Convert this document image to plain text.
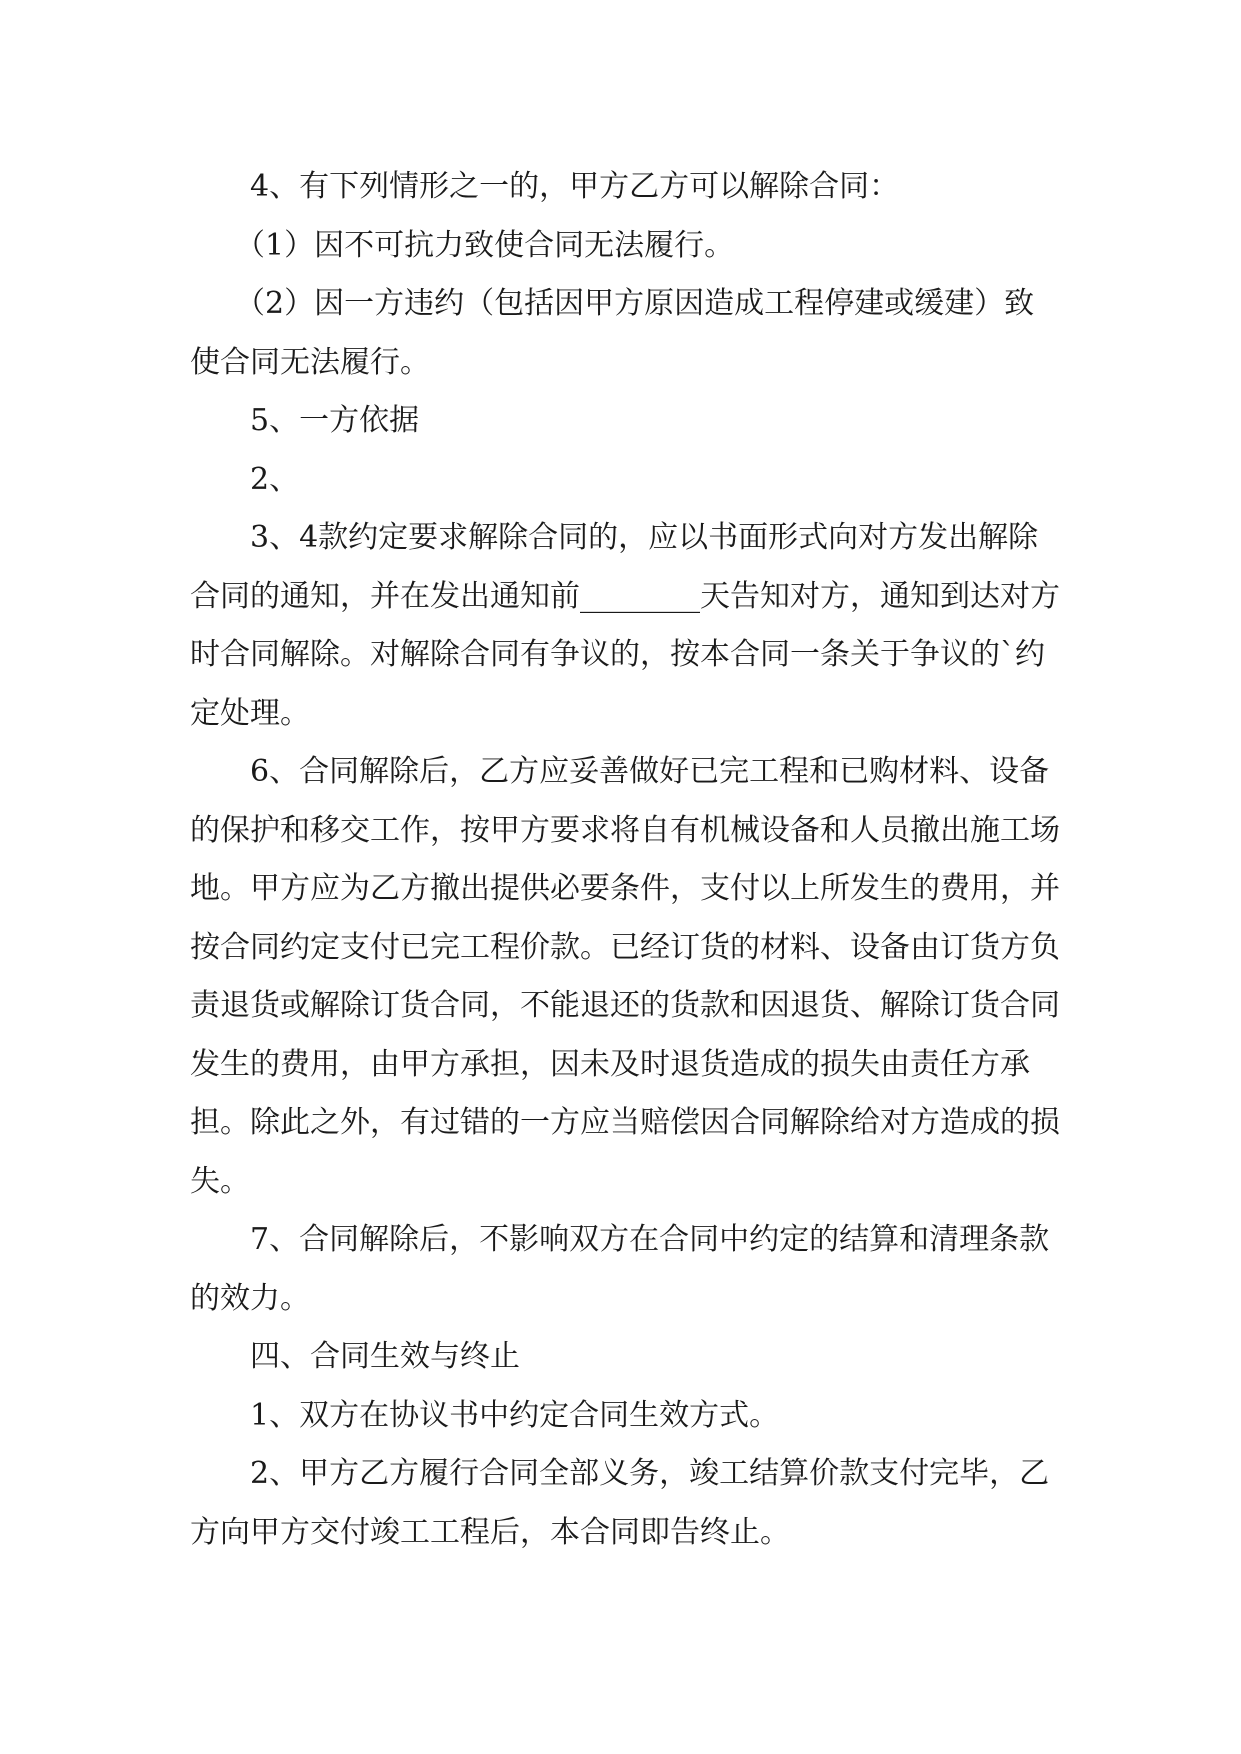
4、有下列情形之一的，甲方乙方可以解除合同：

（1）因不可抗力致使合同无法履行。

（2）因一方违约（包括因甲方原因造成工程停建或缓建）致使合同无法履行。

5、一方依据

2、

3、4款约定要求解除合同的，应以书面形式向对方发出解除合同的通知，并在发出通知前________天告知对方，通知到达对方时合同解除。对解除合同有争议的，按本合同一条关于争议的`约定处理。

6、合同解除后，乙方应妥善做好已完工程和已购材料、设备的保护和移交工作，按甲方要求将自有机械设备和人员撤出施工场地。甲方应为乙方撤出提供必要条件，支付以上所发生的费用，并按合同约定支付已完工程价款。已经订货的材料、设备由订货方负责退货或解除订货合同，不能退还的货款和因退货、解除订货合同发生的费用，由甲方承担，因未及时退货造成的损失由责任方承担。除此之外，有过错的一方应当赔偿因合同解除给对方造成的损失。

7、合同解除后，不影响双方在合同中约定的结算和清理条款的效力。

四、合同生效与终止

1、双方在协议书中约定合同生效方式。

2、甲方乙方履行合同全部义务，竣工结算价款支付完毕，乙方向甲方交付竣工工程后，本合同即告终止。
